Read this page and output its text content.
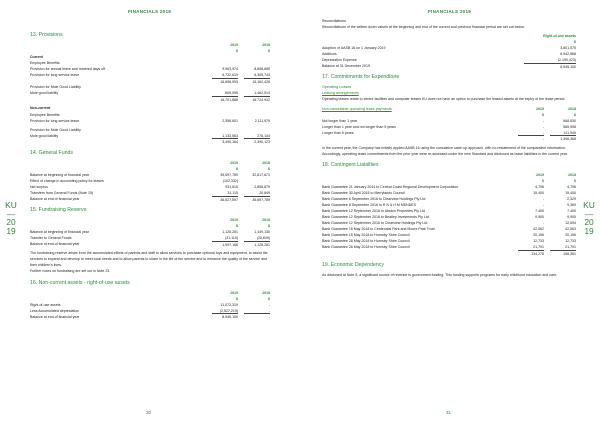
FINANCIALS 2019
KU
—
20
19
13. Provisions
2019	2018
$	$
Current
Employee Benefits
Provision for annual leave and rostered days off	9,963,974	8,856,685
Provision for long service leave	6,732,619	6,305,743
16,696,593	15,162,428
Provision for Mole Good Liability
Mole good liability	605,095	1,462,514
16,701,688	16,724,942
Non-current
Employee Benefits
Provision for long service leave	2,356,601	2,111,979
Provision for Mole Good Liability
Mole good liability	1,133,563	278,144
3,490,164	2,390,123
14. General Funds
2019	2018
$	$
Balance at beginning of financial year	35,697,789	32,817,671
Effect of change in accounting policy for leases	(102,332)	-
Net surplus	931,615	2,858,879
Transfers from General Funds (Note 15)	31,115	20,849
Balance at end of financial year	36,527,597	35,697,789
15. Fundraising Reserve
2019	2018
$	$
Balance at beginning of financial year	1,128,281	1,149,130
Transfer to General Funds	(31,115)	(20,849)
Balance at end of financial year	1,097,166	1,128,281
The fundraising reserve arises from the accumulated efforts of parents and staff to allow services to purchase optional toys and equipment, to assist the services to expand and develop to meet local needs and to allow parents to share in the life of the service and to enhance the quality of the service and their children's lives.
Further notes on fundraising are set out in Note 23.
16. Non-current assets - right-of-use assets
2019	2018
$	$
Right-of-use assets	11,072,319	-
Less Accumulated depreciation	(2,527,219)	-
Balance at end of financial year	8,545,100	-
30
FINANCIALS 2019
KU
—
20
19
Reconciliations
Reconciliations of the written down values at the beginning and end of the current and previous financial period are set out below.
Right-of-use assets
$
Adoption of AASB 16 on 1 January 2019	3,801,575
Additions	6,942,568
Depreciation Expense	(2,199,423)
Balance at 31 December 2019	8,545,100
17. Commitments for Expenditure
Operating Leases
Leasing arrangements
Operating leases relate to centre facilities and computer leases KU does not have an option to purchase the leased assets at the expiry of the lease period.
Non-cancellable operating lease payments	2019	2018
$	$
Not longer than 1 year	-	668,830
Longer than 1 year and not longer than 5 years	-	585,598
Longer than 5 years	-	141,940
-	1,396,368
In the current year, the Company has initially applied AASB 16 using the cumulative catch up approach, with no restatement of the comparative information. Accordingly, operating lease commitments from the prior year were re-assessed under the new Standard and disclosed as lease liabilities in the current year.
18. Contingent Liabilities
2019	2018
$	$
Bank Guarantee 21 January 2014 to Central Coast Regional Development Corporation	4,796	4,796
Bank Guarantee 30 April 2015 to Merrylands Council	15,400	15,400
Bank Guarantee 6 September 2016 to Clearview Holdings Pty Ltd	-	2,329
Bank Guarantee 8 September 2016 to R N & H M MENDES	-	9,369
Bank Guarantee 12 September 2016 to Abston Properties Pty Ltd	7,400	7,400
Bank Guarantee 12 September 2016 to Beatley Investments Pty Ltd	9,900	9,900
Bank Guarantee 12 September 2016 to Clearview Holdings Pty Ltd	-	12,694
Bank Guarantee 15 May 2018 to Centennial Park and Moore Park Trust	42,062	42,063
Bank Guarantee 15 May 2018 to Hornsby Shire Council	20,196	20,196
Bank Guarantee 28 May 2018 to Hornsby Shire Council	12,733	12,733
Bank Guarantee 28 May 2018 to Hornsby Shire Council	21,791	21,791
134,278	158,351
19. Economic Dependency
As disclosed at Note 5, a significant source of revenue is government funding. This funding supports programs for early childhood education and care.
31
